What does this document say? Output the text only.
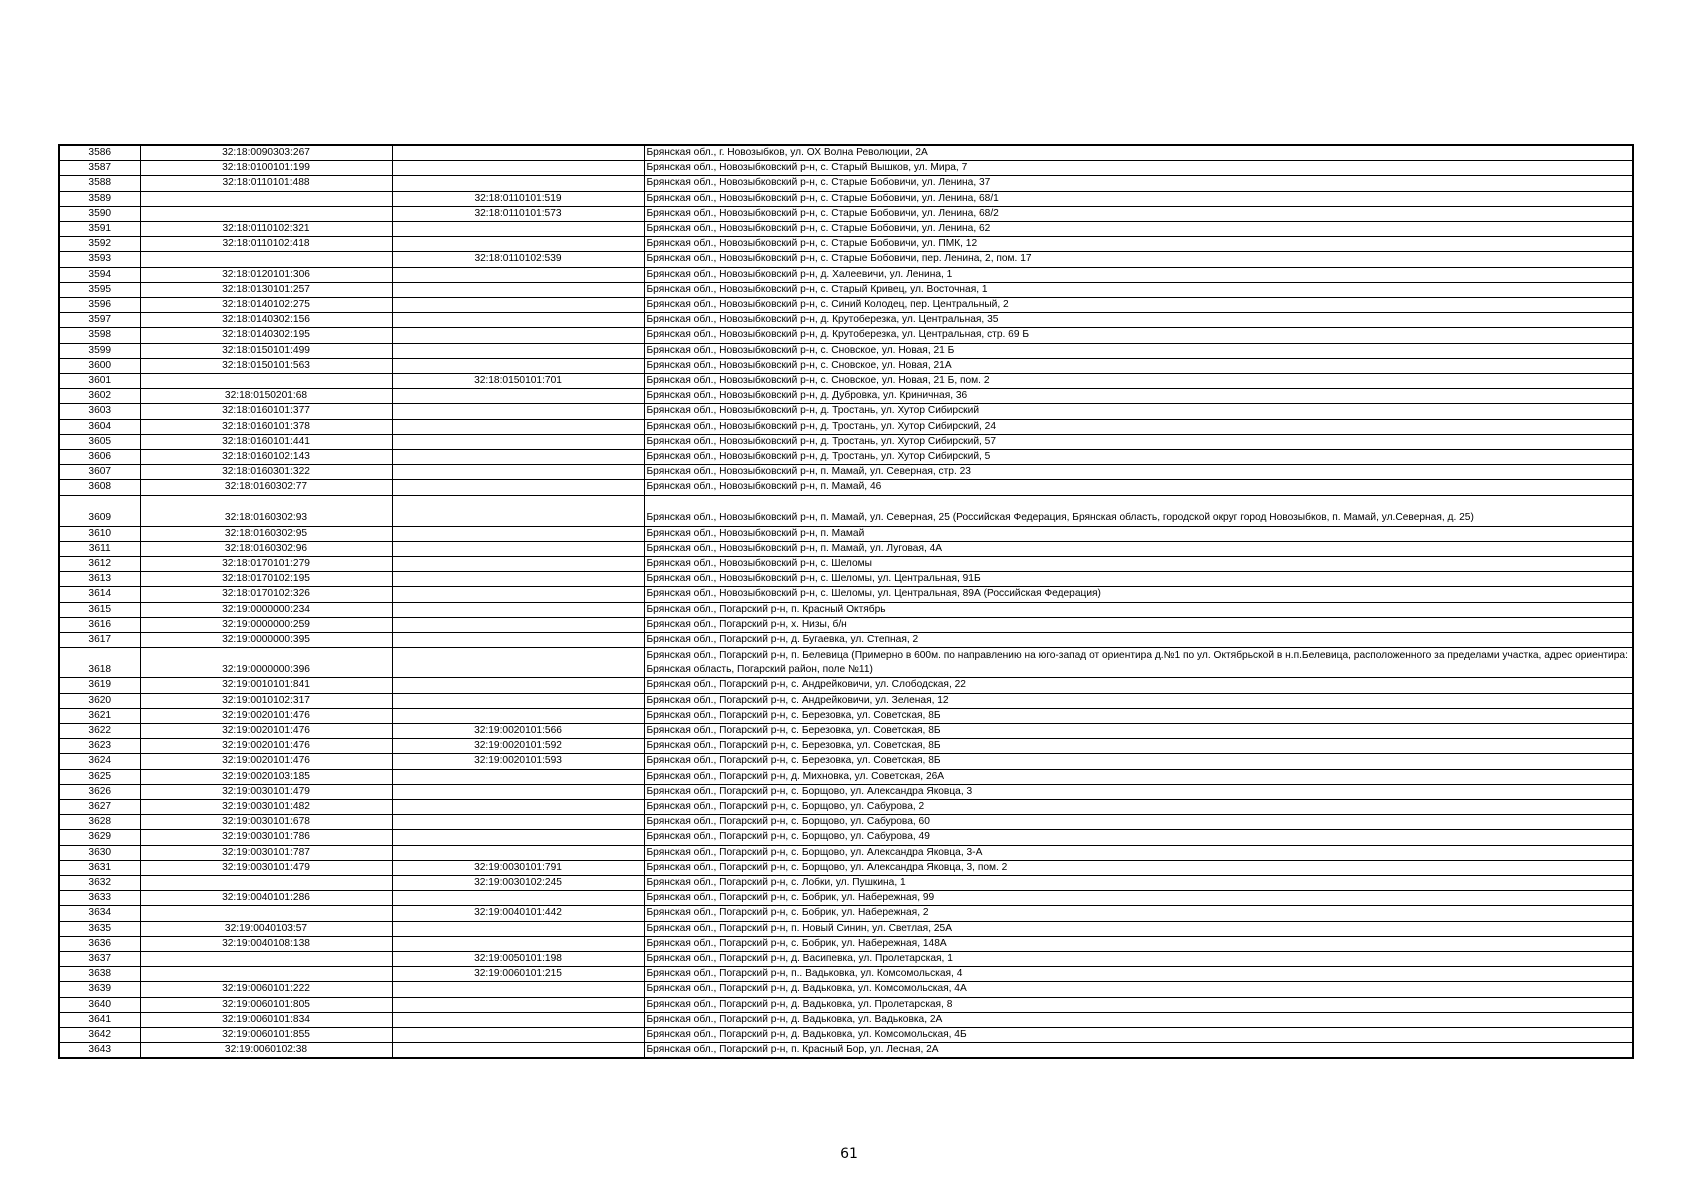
3586	32:18:0090303:267		Брянская обл., г. Новозыбков, ул. ОХ Волна Революции, 2А
3587	32:18:0100101:199		Брянская обл., Новозыбковский р-н, с. Старый Вышков, ул. Мира, 7
3588	32:18:0110101:488		Брянская обл., Новозыбковский р-н, с. Старые Бобовичи, ул. Ленина, 37
3589		32:18:0110101:519	Брянская обл., Новозыбковский р-н, с. Старые Бобовичи, ул. Ленина, 68/1
3590		32:18:0110101:573	Брянская обл., Новозыбковский р-н, с. Старые Бобовичи, ул. Ленина, 68/2
3591	32:18:0110102:321		Брянская обл., Новозыбковский р-н, с. Старые Бобовичи, ул. Ленина, 62
3592	32:18:0110102:418		Брянская обл., Новозыбковский р-н, с. Старые Бобовичи, ул. ПМК, 12
3593		32:18:0110102:539	Брянская обл., Новозыбковский р-н, с. Старые Бобовичи, пер. Ленина, 2, пом. 17
3594	32:18:0120101:306		Брянская обл., Новозыбковский р-н, д. Халеевичи, ул. Ленина, 1
3595	32:18:0130101:257		Брянская обл., Новозыбковский р-н, с. Старый Кривец, ул. Восточная, 1
3596	32:18:0140102:275		Брянская обл., Новозыбковский р-н, с. Синий Колодец, пер. Центральный, 2
3597	32:18:0140302:156		Брянская обл., Новозыбковский р-н, д. Крутоберезка, ул. Центральная, 35
3598	32:18:0140302:195		Брянская обл., Новозыбковский р-н, д. Крутоберезка, ул. Центральная, стр. 69 Б
3599	32:18:0150101:499		Брянская обл., Новозыбковский р-н, с. Сновское, ул. Новая, 21 Б
3600	32:18:0150101:563		Брянская обл., Новозыбковский р-н, с. Сновское, ул. Новая, 21А
3601		32:18:0150101:701	Брянская обл., Новозыбковский р-н, с. Сновское, ул. Новая, 21 Б, пом. 2
3602	32:18:0150201:68		Брянская обл., Новозыбковский р-н, д. Дубровка, ул. Криничная, 36
3603	32:18:0160101:377		Брянская обл., Новозыбковский р-н, д. Тростань, ул. Хутор Сибирский
3604	32:18:0160101:378		Брянская обл., Новозыбковский р-н, д. Тростань, ул. Хутор Сибирский, 24
3605	32:18:0160101:441		Брянская обл., Новозыбковский р-н, д. Тростань, ул. Хутор Сибирский, 57
3606	32:18:0160102:143		Брянская обл., Новозыбковский р-н, д. Тростань, ул. Хутор Сибирский, 5
3607	32:18:0160301:322		Брянская обл., Новозыбковский р-н, п. Мамай, ул. Северная, стр. 23
3608	32:18:0160302:77		Брянская обл., Новозыбковский р-н, п. Мамай, 46
3609	32:18:0160302:93		Брянская обл., Новозыбковский р-н, п. Мамай, ул. Северная, 25 (Российская Федерация, Брянская область, городской округ город Новозыбков, п. Мамай, ул.Северная, д. 25)
3610	32:18:0160302:95		Брянская обл., Новозыбковский р-н, п. Мамай
3611	32:18:0160302:96		Брянская обл., Новозыбковский р-н, п. Мамай, ул. Луговая, 4А
3612	32:18:0170101:279		Брянская обл., Новозыбковский р-н, с. Шеломы
3613	32:18:0170102:195		Брянская обл., Новозыбковский р-н, с. Шеломы, ул. Центральная, 91Б
3614	32:18:0170102:326		Брянская обл., Новозыбковский р-н, с. Шеломы, ул. Центральная, 89А (Российская Федерация)
3615	32:19:0000000:234		Брянская обл., Погарский р-н, п. Красный Октябрь
3616	32:19:0000000:259		Брянская обл., Погарский р-н, х. Низы, б/н
3617	32:19:0000000:395		Брянская обл., Погарский р-н, д. Бугаевка, ул. Степная, 2
3618	32:19:0000000:396		Брянская обл., Погарский р-н, п. Белевица (Примерно в 600м. по направлению на юго-запад от ориентира д.№1 по ул. Октябрьской в н.п.Белевица, расположенного за пределами участка, адрес ориентира: Брянская область, Погарский район, поле №11)
3619	32:19:0010101:841		Брянская обл., Погарский р-н, с. Андрейковичи, ул. Слободская, 22
3620	32:19:0010102:317		Брянская обл., Погарский р-н, с. Андрейковичи, ул. Зеленая, 12
3621	32:19:0020101:476		Брянская обл., Погарский р-н, с. Березовка, ул. Советская, 8Б
3622	32:19:0020101:476	32:19:0020101:566	Брянская обл., Погарский р-н, с. Березовка, ул. Советская, 8Б
3623	32:19:0020101:476	32:19:0020101:592	Брянская обл., Погарский р-н, с. Березовка, ул. Советская, 8Б
3624	32:19:0020101:476	32:19:0020101:593	Брянская обл., Погарский р-н, с. Березовка, ул. Советская, 8Б
3625	32:19:0020103:185		Брянская обл., Погарский р-н, д. Михновка, ул. Советская, 26А
3626	32:19:0030101:479		Брянская обл., Погарский р-н, с. Борщово, ул. Александра Яковца, 3
3627	32:19:0030101:482		Брянская обл., Погарский р-н, с. Борщово, ул. Сабурова, 2
3628	32:19:0030101:678		Брянская обл., Погарский р-н, с. Борщово, ул. Сабурова, 60
3629	32:19:0030101:786		Брянская обл., Погарский р-н, с. Борщово, ул. Сабурова, 49
3630	32:19:0030101:787		Брянская обл., Погарский р-н, с. Борщово, ул. Александра Яковца, 3-А
3631	32:19:0030101:479	32:19:0030101:791	Брянская обл., Погарский р-н, с. Борщово, ул. Александра Яковца, 3, пом. 2
3632		32:19:0030102:245	Брянская обл., Погарский р-н, с. Лобки, ул. Пушкина, 1
3633	32:19:0040101:286		Брянская обл., Погарский р-н, с. Бобрик, ул. Набережная, 99
3634		32:19:0040101:442	Брянская обл., Погарский р-н, с. Бобрик, ул. Набережная, 2
3635	32:19:0040103:57		Брянская обл., Погарский р-н, п. Новый Синин, ул. Светлая, 25А
3636	32:19:0040108:138		Брянская обл., Погарский р-н, с. Бобрик, ул. Набережная, 148А
3637		32:19:0050101:198	Брянская обл., Погарский р-н, д. Васипевка, ул. Пролетарская, 1
3638		32:19:0060101:215	Брянская обл., Погарский р-н, п.. Вадьковка, ул. Комсомольская, 4
3639	32:19:0060101:222		Брянская обл., Погарский р-н, д. Вадьковка, ул. Комсомольская, 4А
3640	32:19:0060101:805		Брянская обл., Погарский р-н, д. Вадьковка, ул. Пролетарская, 8
3641	32:19:0060101:834		Брянская обл., Погарский р-н, д. Вадьковка, ул. Вадьковка, 2А
3642	32:19:0060101:855		Брянская обл., Погарский р-н, д. Вадьковка, ул. Комсомольская, 4Б
3643	32:19:0060102:38		Брянская обл., Погарский р-н, п. Красный Бор, ул. Лесная, 2А
61
